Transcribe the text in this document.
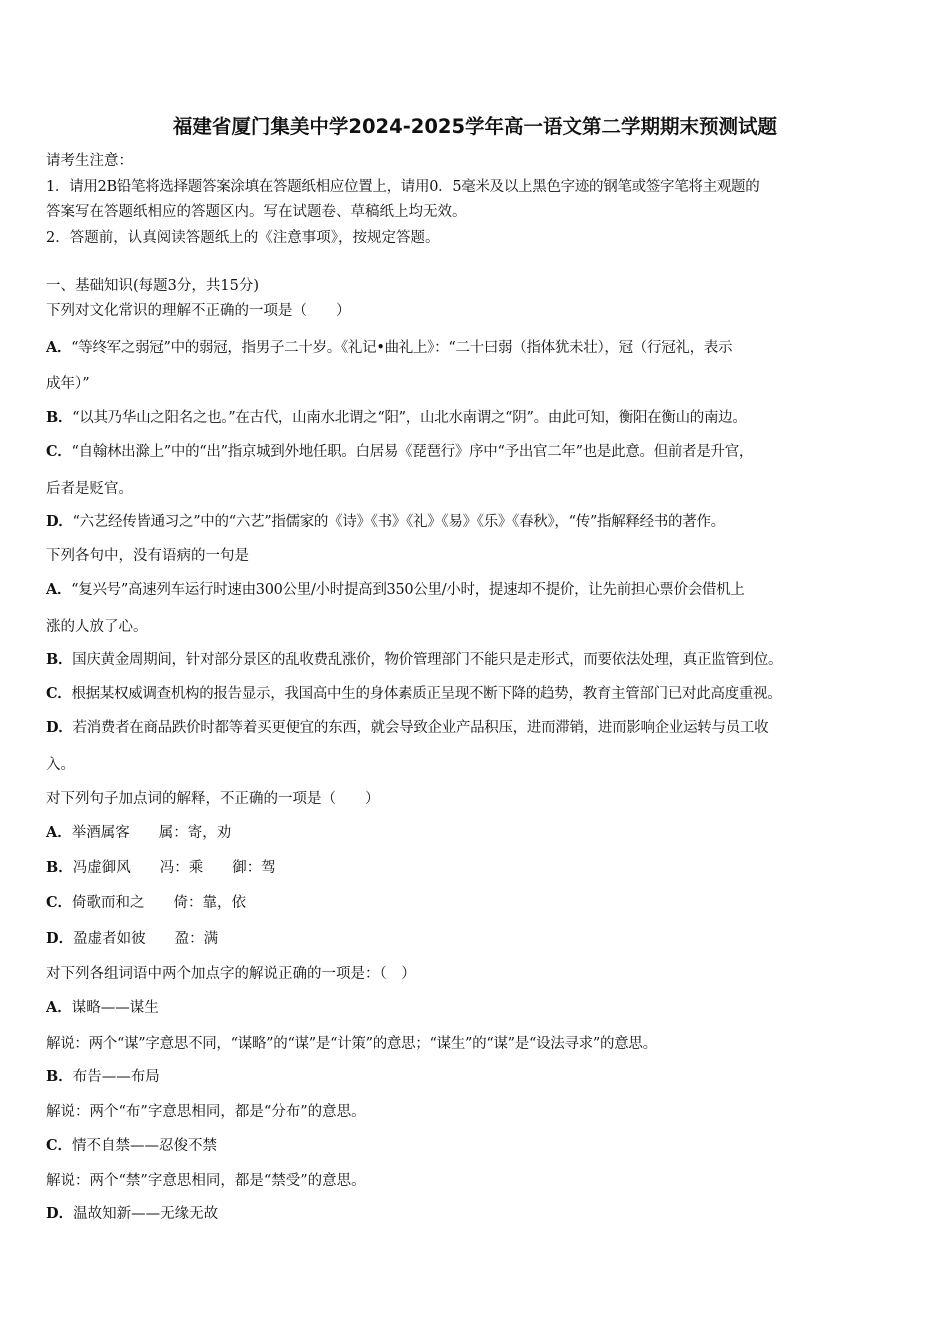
福建省厦门集美中学2024-2025学年高一语文第二学期期末预测试题
请考生注意：
1．请用2B铅笔将选择题答案涂填在答题纸相应位置上，请用0．5毫米及以上黑色字迹的钢笔或签字笔将主观题的
答案写在答题纸相应的答题区内。写在试题卷、草稿纸上均无效。
2．答题前，认真阅读答题纸上的《注意事项》，按规定答题。
一、基础知识(每题3分，共15分)
下列对文化常识的理解不正确的一项是（　　）
A．“等终军之弱冠”中的弱冠，指男子二十岁。《礼记•曲礼上》：“二十曰弱（指体犹未壮），冠（行冠礼，表示
成年）”
B．“以其乃华山之阳名之也。”在古代，山南水北谓之“阳”，山北水南谓之“阴”。由此可知，衡阳在衡山的南边。
C．“自翰林出滁上”中的“出”指京城到外地任职。白居易《琵琶行》序中“予出官二年”也是此意。但前者是升官，
后者是贬官。
D．“六艺经传皆通习之”中的“六艺”指儒家的《诗》《书》《礼》《易》《乐》《春秋》，“传”指解释经书的著作。
下列各句中，没有语病的一句是
A．“复兴号”高速列车运行时速由300公里/小时提高到350公里/小时，提速却不提价，让先前担心票价会借机上
涨的人放了心。
B．国庆黄金周期间，针对部分景区的乱收费乱涨价，物价管理部门不能只是走形式，而要依法处理，真正监管到位。
C．根据某权威调查机构的报告显示，我国高中生的身体素质正呈现不断下降的趋势，教育主管部门已对此高度重视。
D．若消费者在商品跌价时都等着买更便宜的东西，就会导致企业产品积压，进而滞销，进而影响企业运转与员工收
入。
对下列句子加点词的解释，不正确的一项是（　　）
A．举酒属客　　属：寄，劝
B．冯虚御风　　冯：乘　　御：驾
C．倚歌而和之　　倚：靠，依
D．盈虚者如彼　　盈：满
对下列各组词语中两个加点字的解说正确的一项是：（　）
A．谋略——谋生
解说：两个“谋”字意思不同，“谋略”的“谋”是“计策”的意思；“谋生”的“谋”是“设法寻求”的意思。
B．布告——布局
解说：两个“布”字意思相同，都是“分布”的意思。
C．情不自禁——忍俊不禁
解说：两个“禁”字意思相同，都是“禁受”的意思。
D．温故知新——无缘无故
